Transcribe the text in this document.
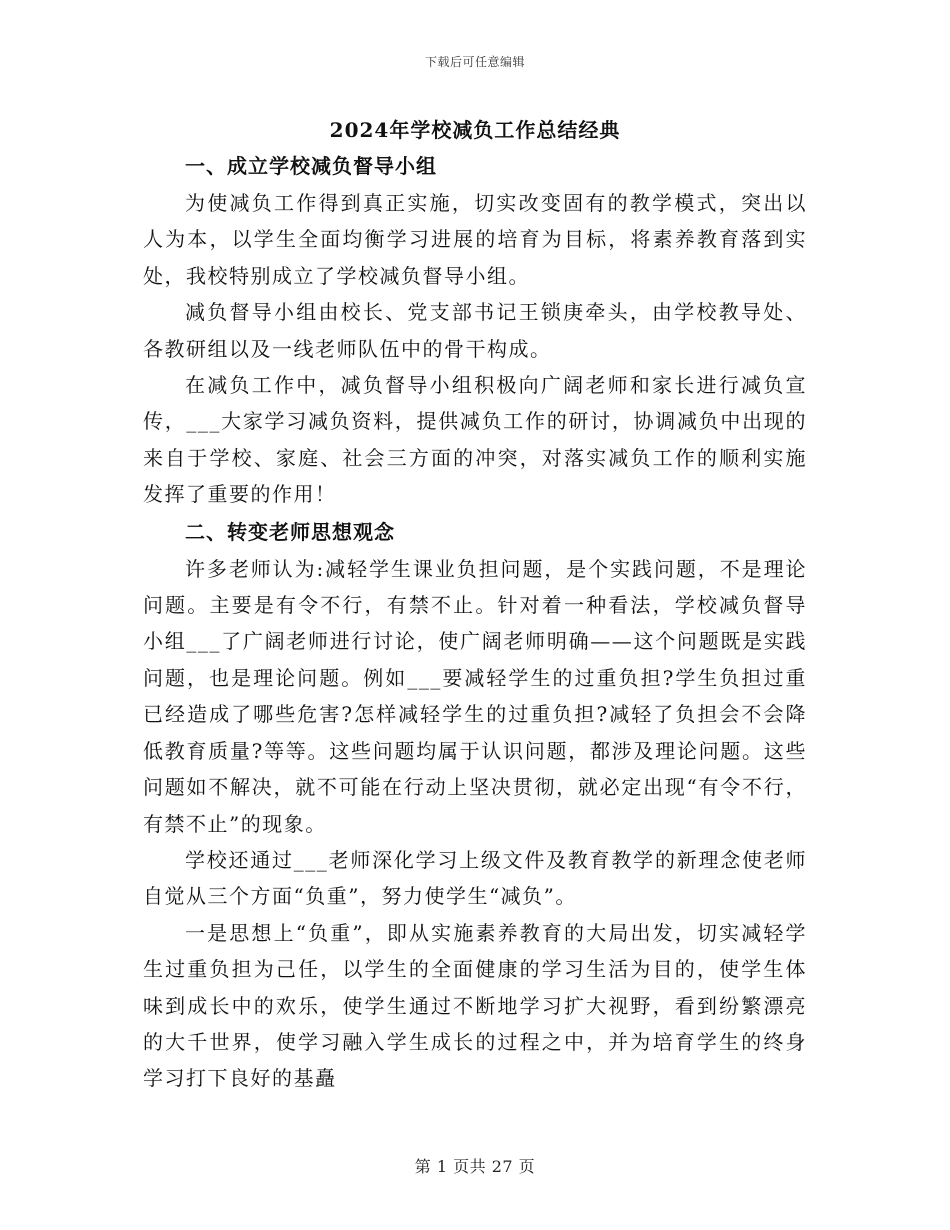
下载后可任意编辑
2024年学校减负工作总结经典
一、成立学校减负督导小组

为使减负工作得到真正实施，切实改变固有的教学模式，突出以人为本，以学生全面均衡学习进展的培育为目标，将素养教育落到实处，我校特别成立了学校减负督导小组。

减负督导小组由校长、党支部书记王锁庚牵头，由学校教导处、各教研组以及一线老师队伍中的骨干构成。

在减负工作中，减负督导小组积极向广阔老师和家长进行减负宣传，___大家学习减负资料，提供减负工作的研讨，协调减负中出现的来自于学校、家庭、社会三方面的冲突，对落实减负工作的顺利实施发挥了重要的作用！

二、转变老师思想观念

许多老师认为:减轻学生课业负担问题，是个实践问题，不是理论问题。主要是有令不行，有禁不止。针对着一种看法，学校减负督导小组___了广阔老师进行讨论，使广阔老师明确——这个问题既是实践问题，也是理论问题。例如___要减轻学生的过重负担?学生负担过重已经造成了哪些危害?怎样减轻学生的过重负担?减轻了负担会不会降低教育质量?等等。这些问题均属于认识问题，都涉及理论问题。这些问题如不解决，就不可能在行动上坚决贯彻，就必定出现“有令不行，有禁不止”的现象。

学校还通过___老师深化学习上级文件及教育教学的新理念使老师自觉从三个方面“负重”，努力使学生“减负”。

一是思想上“负重”，即从实施素养教育的大局出发，切实减轻学生过重负担为己任，以学生的全面健康的学习生活为目的，使学生体味到成长中的欢乐，使学生通过不断地学习扩大视野，看到纷繁漂亮的大千世界，使学习融入学生成长的过程之中，并为培育学生的终身学习打下良好的基矗

第 1 页共 27 页
